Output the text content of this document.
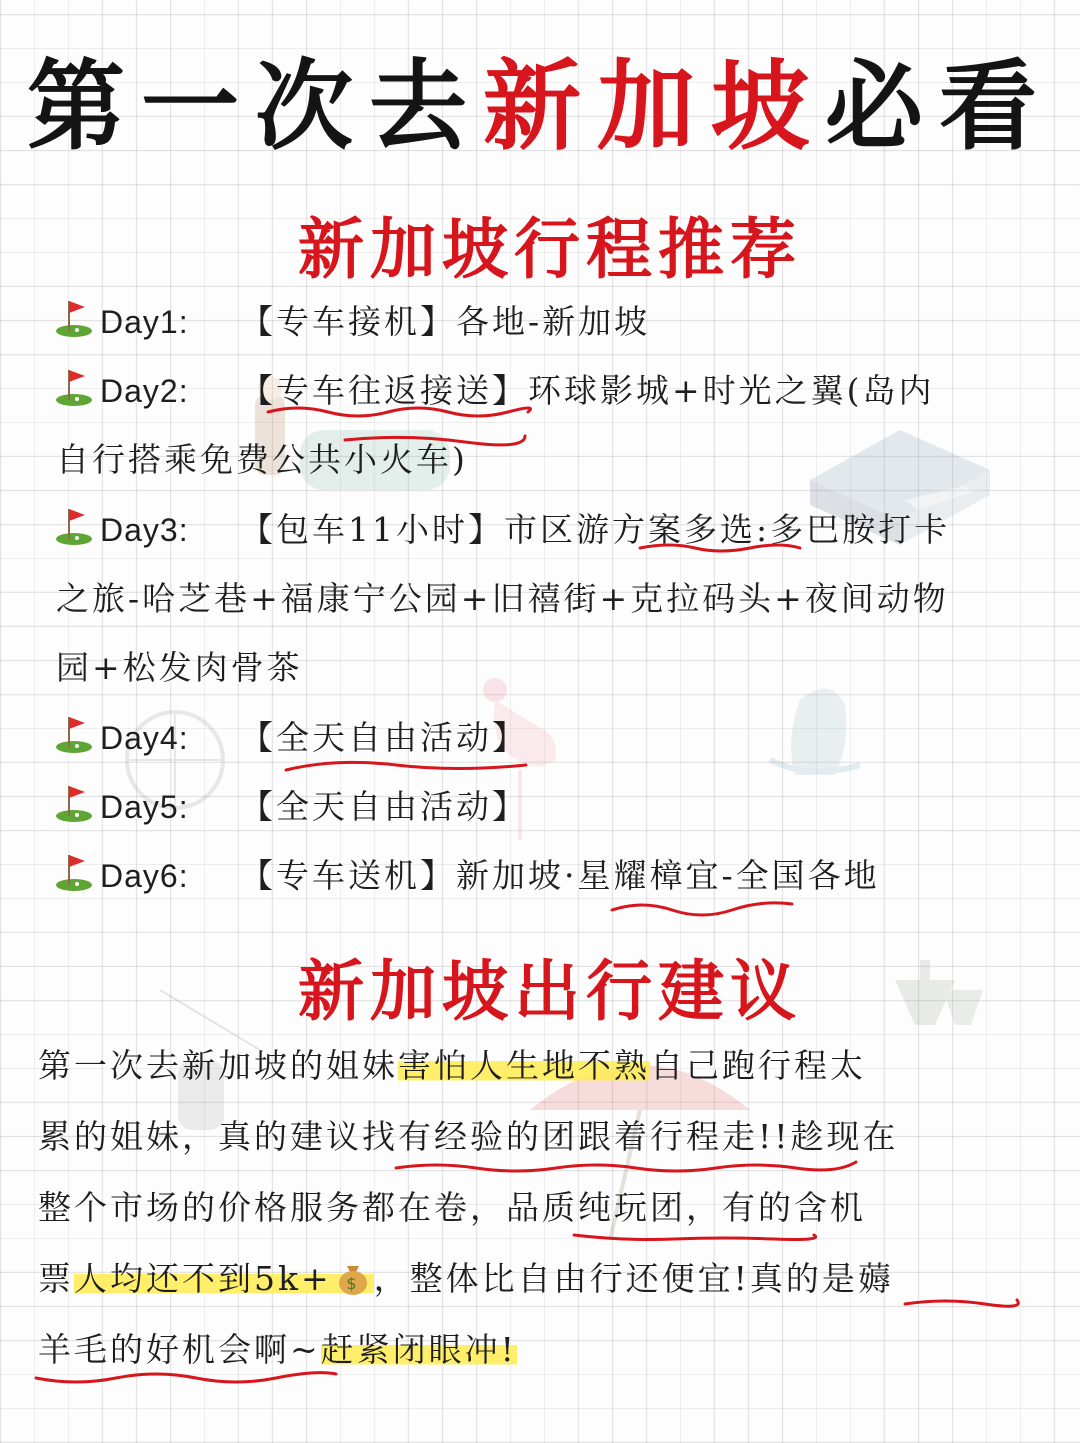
第一次去新加坡必看
新加坡行程推荐
Day1: 【专车接机】各地-新加坡
Day2: 【专车往返接送】环球影城+时光之翼(岛内
自行搭乘免费公共小火车)
Day3: 【包车11小时】市区游方案多选:多巴胺打卡
之旅-哈芝巷+福康宁公园+旧禧街+克拉码头+夜间动物
园+松发肉骨茶
Day4: 【全天自由活动】
Day5: 【全天自由活动】
Day6: 【专车送机】新加坡·星耀樟宜-全国各地
新加坡出行建议
第一次去新加坡的姐妹害怕人生地不熟自己跑行程太
累的姐妹，真的建议找有经验的团跟着行程走!!趁现在
整个市场的价格服务都在卷，品质纯玩团，有的含机
票人均还不到5k+ $ ，整体比自由行还便宜!真的是薅
羊毛的好机会啊~赶紧闭眼冲!
